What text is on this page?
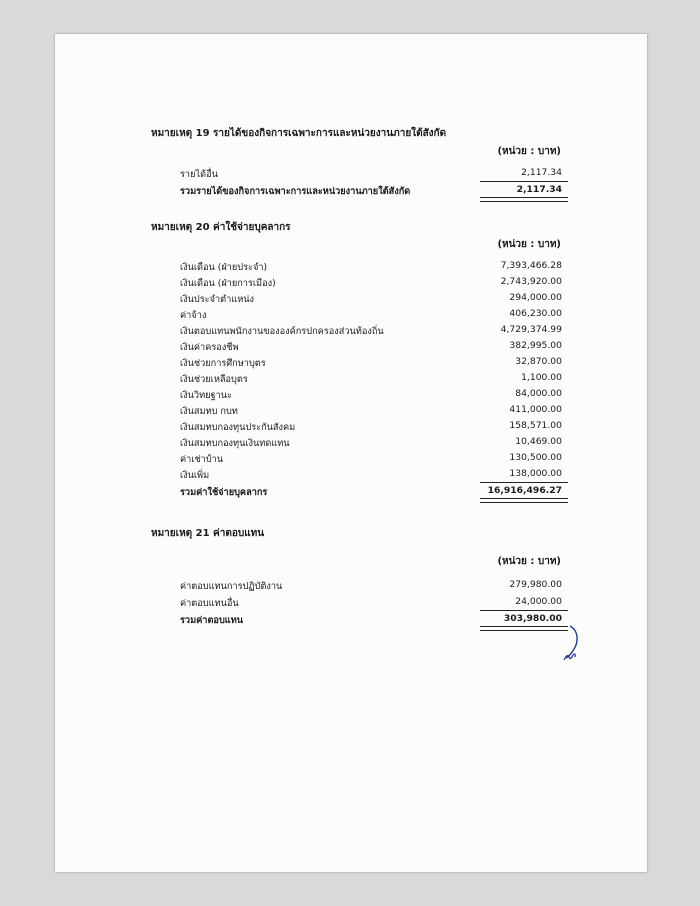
หมายเหตุ 19 รายได้ของกิจการเฉพาะการและหน่วยงานภายใต้สังกัด
(หน่วย : บาท)
รายได้อื่น	2,117.34
รวมรายได้ของกิจการเฉพาะการและหน่วยงานภายใต้สังกัด	2,117.34
หมายเหตุ 20 ค่าใช้จ่ายบุคลากร
(หน่วย : บาท)
เงินเดือน (ฝ่ายประจำ)	7,393,466.28
เงินเดือน (ฝ่ายการเมือง)	2,743,920.00
เงินประจำตำแหน่ง	294,000.00
ค่าจ้าง	406,230.00
เงินตอบแทนพนักงานขององค์กรปกครองส่วนท้องถิ่น	4,729,374.99
เงินค่าครองชีพ	382,995.00
เงินช่วยการศึกษาบุตร	32,870.00
เงินช่วยเหลือบุตร	1,100.00
เงินวิทยฐานะ	84,000.00
เงินสมทบ กบท	411,000.00
เงินสมทบกองทุนประกันสังคม	158,571.00
เงินสมทบกองทุนเงินทดแทน	10,469.00
ค่าเช่าบ้าน	130,500.00
เงินเพิ่ม	138,000.00
รวมค่าใช้จ่ายบุคลากร	16,916,496.27
หมายเหตุ 21 ค่าตอบแทน
(หน่วย : บาท)
ค่าตอบแทนการปฏิบัติงาน	279,980.00
ค่าตอบแทนอื่น	24,000.00
รวมค่าตอบแทน	303,980.00
